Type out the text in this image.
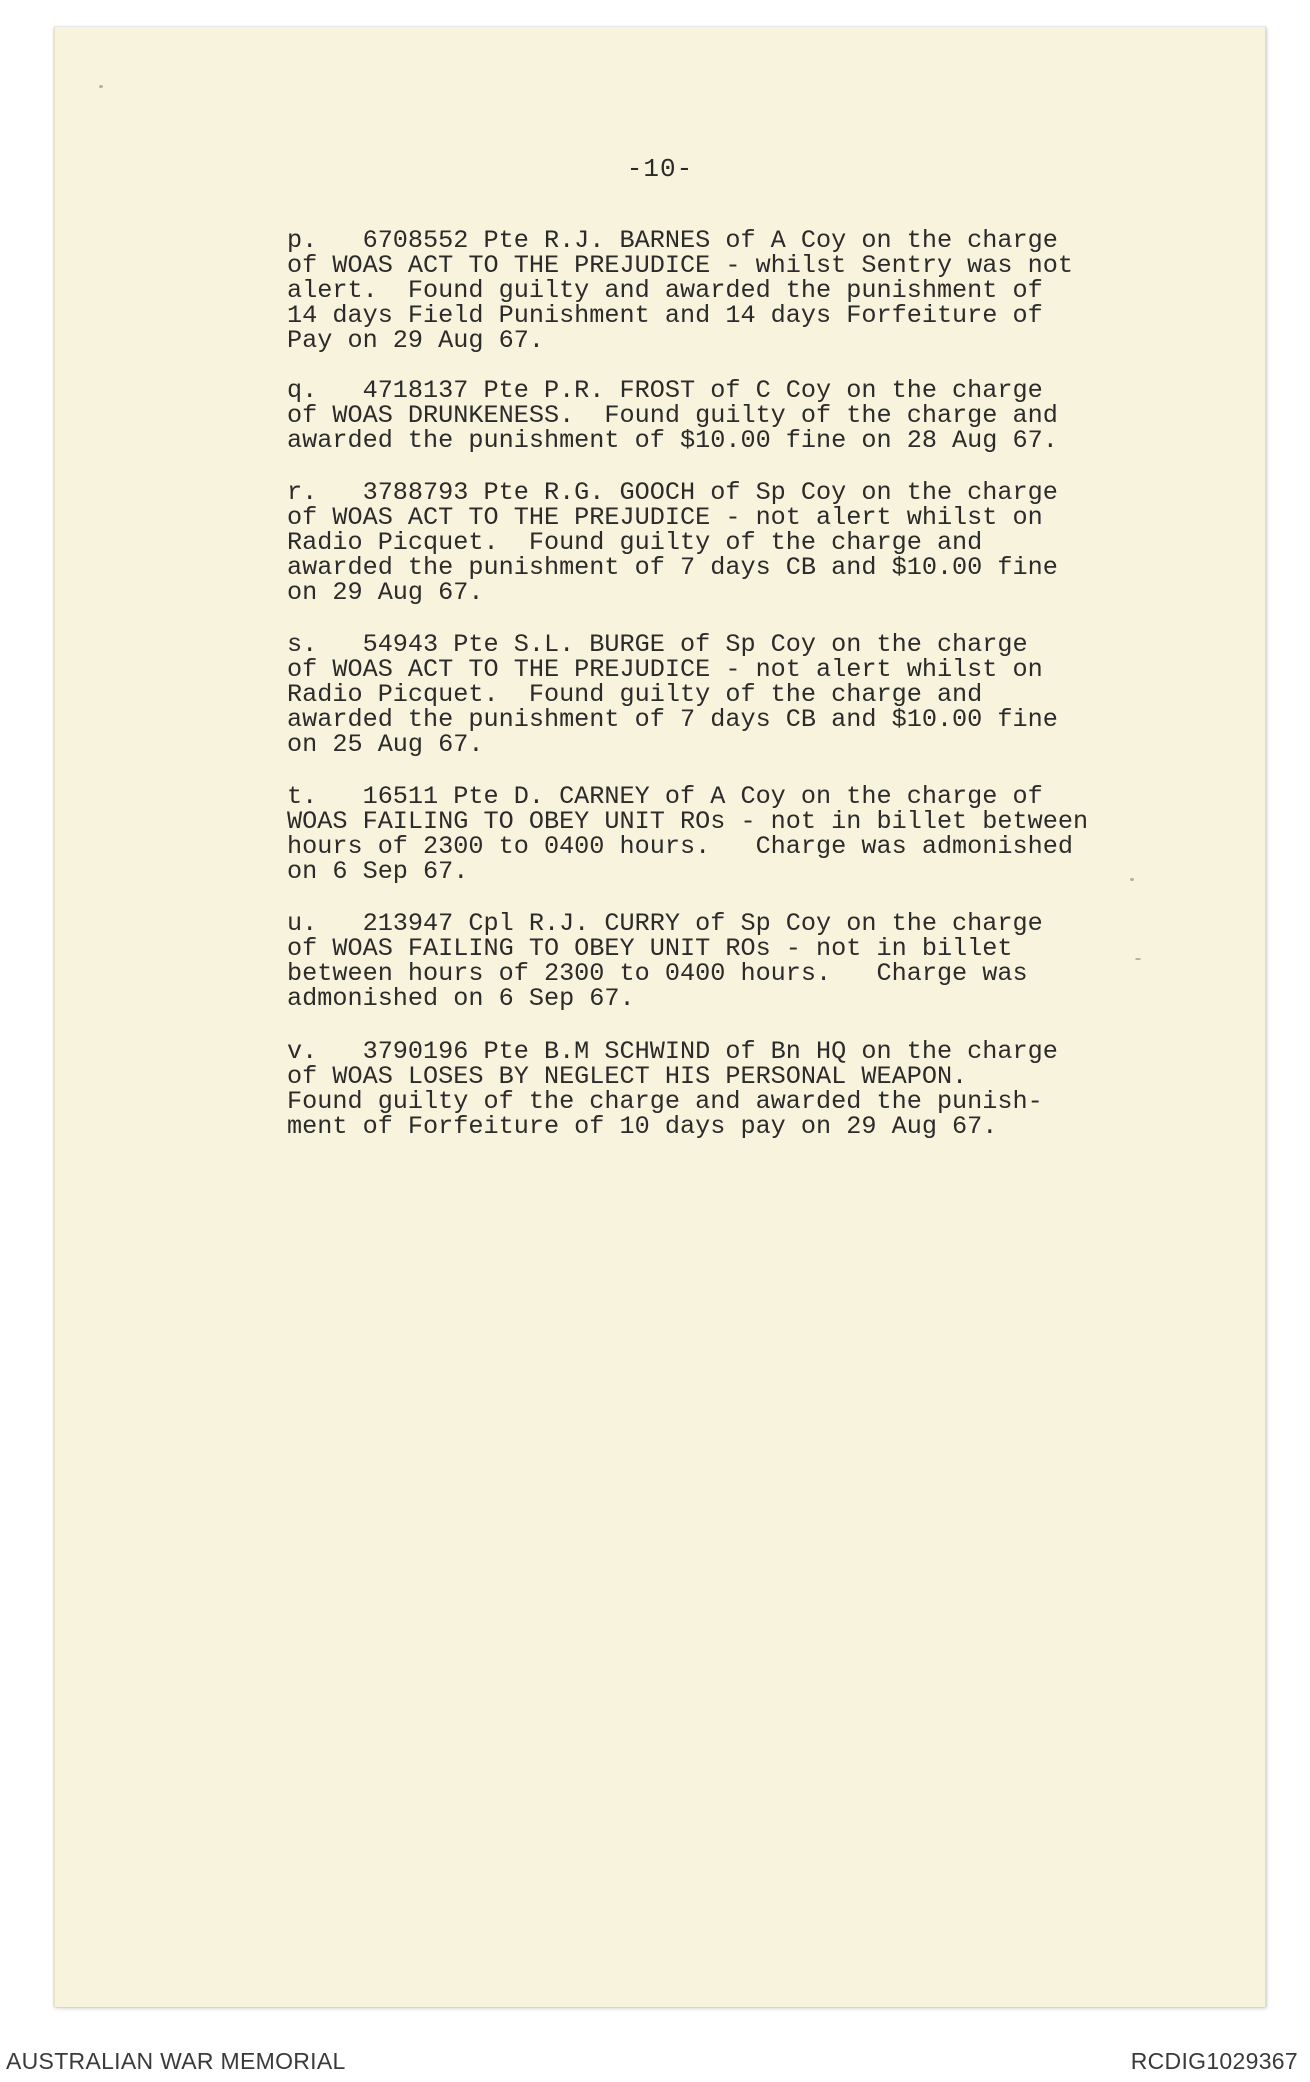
-10-

p.   6708552 Pte R.J. BARNES of A Coy on the charge
of WOAS ACT TO THE PREJUDICE - whilst Sentry was not
alert.  Found guilty and awarded the punishment of
14 days Field Punishment and 14 days Forfeiture of
Pay on 29 Aug 67.

q.   4718137 Pte P.R. FROST of C Coy on the charge
of WOAS DRUNKENESS.  Found guilty of the charge and
awarded the punishment of $10.00 fine on 28 Aug 67.

r.   3788793 Pte R.G. GOOCH of Sp Coy on the charge
of WOAS ACT TO THE PREJUDICE - not alert whilst on
Radio Picquet.  Found guilty of the charge and
awarded the punishment of 7 days CB and $10.00 fine
on 29 Aug 67.

s.   54943 Pte S.L. BURGE of Sp Coy on the charge
of WOAS ACT TO THE PREJUDICE - not alert whilst on
Radio Picquet.  Found guilty of the charge and
awarded the punishment of 7 days CB and $10.00 fine
on 25 Aug 67.

t.   16511 Pte D. CARNEY of A Coy on the charge of
WOAS FAILING TO OBEY UNIT ROs - not in billet between
hours of 2300 to 0400 hours.   Charge was admonished
on 6 Sep 67.

u.   213947 Cpl R.J. CURRY of Sp Coy on the charge
of WOAS FAILING TO OBEY UNIT ROs - not in billet
between hours of 2300 to 0400 hours.   Charge was
admonished on 6 Sep 67.

v.   3790196 Pte B.M SCHWIND of Bn HQ on the charge
of WOAS LOSES BY NEGLECT HIS PERSONAL WEAPON.
Found guilty of the charge and awarded the punish-
ment of Forfeiture of 10 days pay on 29 Aug 67.

AUSTRALIAN WAR MEMORIAL	RCDIG1029367
